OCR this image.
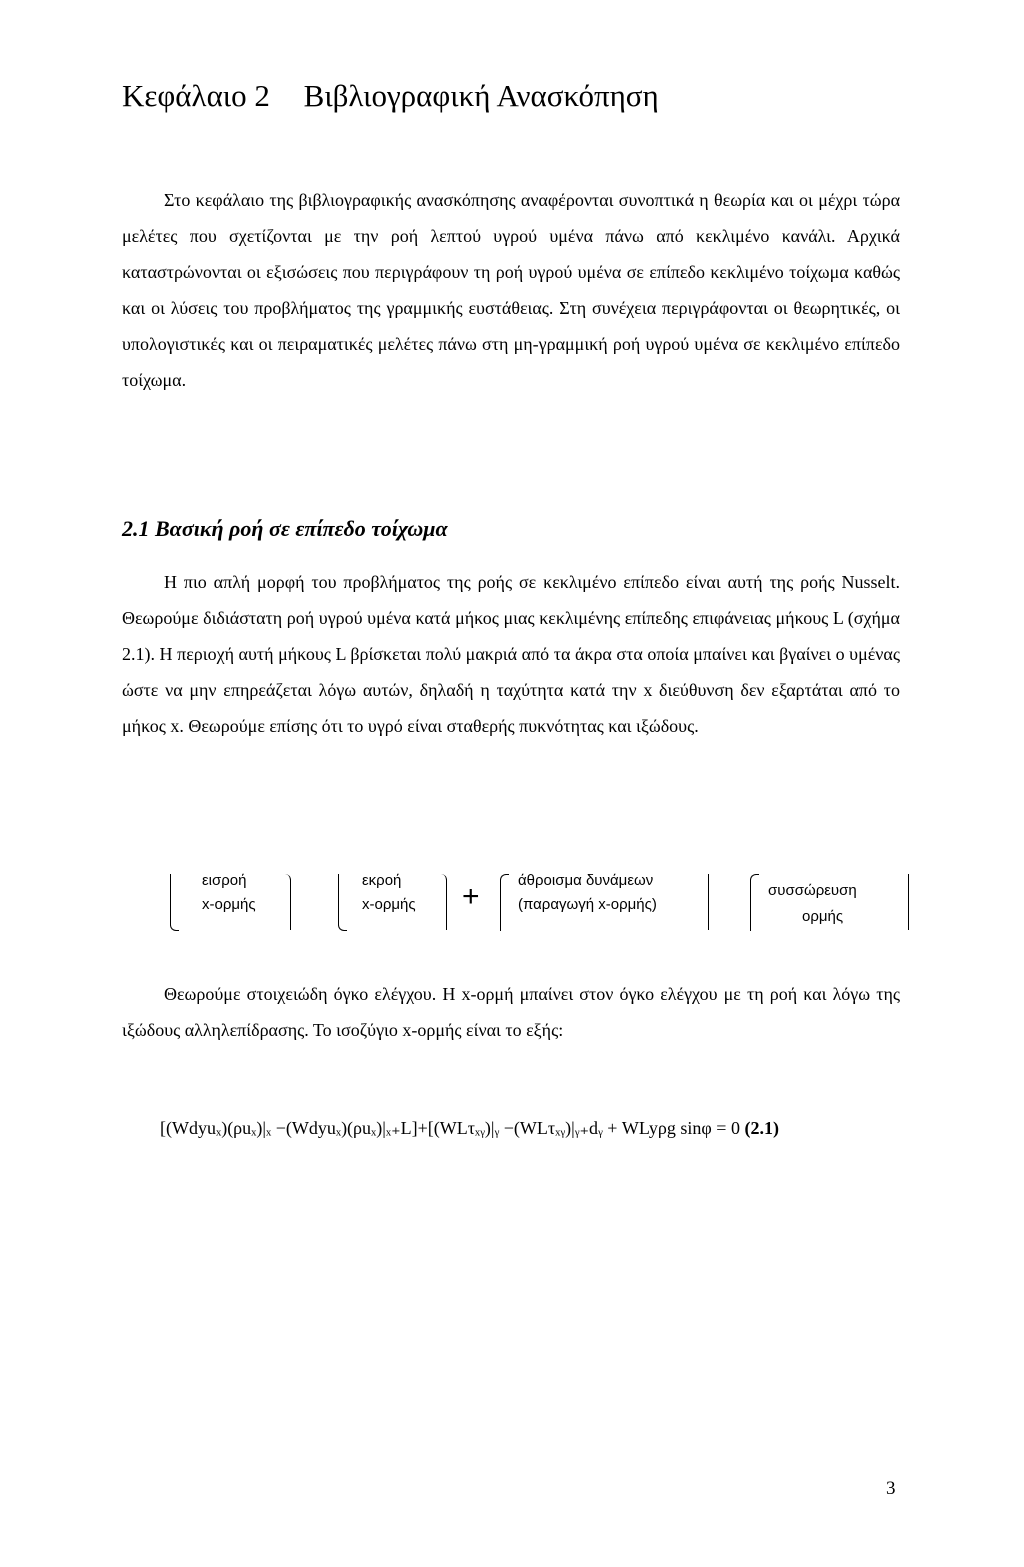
Κεφάλαιο 2 Βιβλιογραφική Ανασκόπηση

Στο κεφάλαιο της βιβλιογραφικής ανασκόπησης αναφέρονται συνοπτικά η θεωρία και οι μέχρι τώρα μελέτες που σχετίζονται με την ροή λεπτού υγρού υμένα πάνω από κεκλιμένο κανάλι. Αρχικά καταστρώνονται οι εξισώσεις που περιγράφουν τη ροή υγρού υμένα σε επίπεδο κεκλιμένο τοίχωμα καθώς και οι λύσεις του προβλήματος της γραμμικής ευστάθειας. Στη συνέχεια περιγράφονται οι θεωρητικές, οι υπολογιστικές και οι πειραματικές μελέτες πάνω στη μη-γραμμική ροή υγρού υμένα σε κεκλιμένο επίπεδο τοίχωμα.

2.1 Βασική ροή σε επίπεδο τοίχωμα

Η πιο απλή μορφή του προβλήματος της ροής σε κεκλιμένο επίπεδο είναι αυτή της ροής Nusselt. Θεωρούμε διδιάστατη ροή υγρού υμένα κατά μήκος μιας κεκλιμένης επίπεδης επιφάνειας μήκους L (σχήμα 2.1). Η περιοχή αυτή μήκους L βρίσκεται πολύ μακριά από τα άκρα στα οποία μπαίνει και βγαίνει ο υμένας ώστε να μην επηρεάζεται λόγω αυτών, δηλαδή η ταχύτητα κατά την x διεύθυνση δεν εξαρτάται από το μήκος x. Θεωρούμε επίσης ότι το υγρό είναι σταθερής πυκνότητας και ιξώδους.

εισροή
x-ορμής
εκροή
x-ορμής +	άθροισμα δυνάμεων
(παραγωγή x-ορμής)
συσσώρευση
ορμής

Θεωρούμε στοιχειώδη όγκο ελέγχου. Η x-ορμή μπαίνει στον όγκο ελέγχου με τη ροή και λόγω της ιξώδους αλληλεπίδρασης. Το ισοζύγιο x-ορμής είναι το εξής:

[(Wdyuₓ)(ρuₓ)|ₓ −(Wdyuₓ)(ρuₓ)|ₓ₊L]+[(WLτₓᵧ)|ᵧ −(WLτₓᵧ)|ᵧ₊dᵧ + WLyρg sinφ = 0 (2.1)
3
